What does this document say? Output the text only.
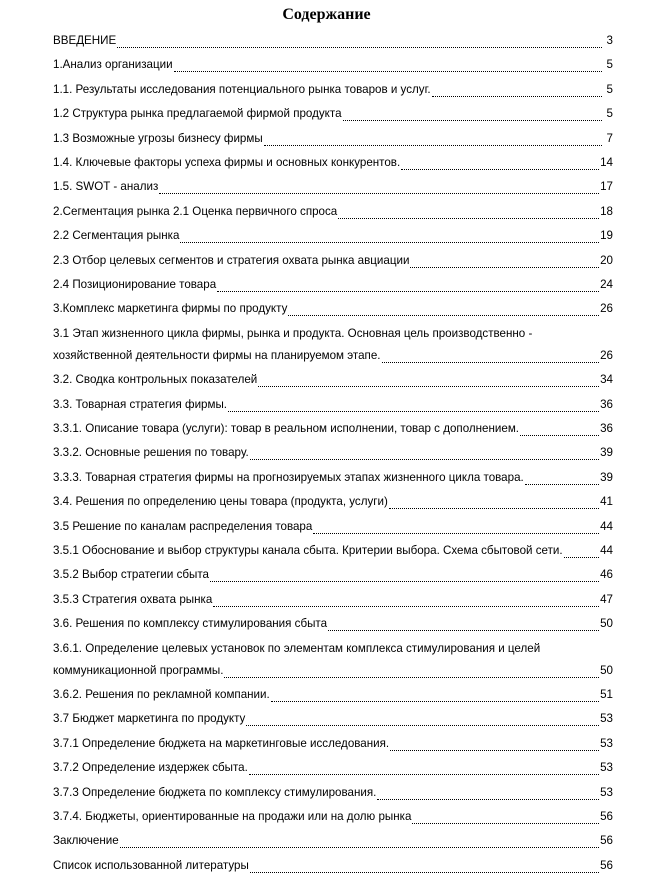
Содержание
ВВЕДЕНИЕ	3
1.Анализ организации	5
1.1. Результаты исследования потенциального рынка товаров и услуг.	5
1.2 Структура рынка предлагаемой фирмой продукта	5
1.3 Возможные угрозы бизнесу фирмы	7
1.4. Ключевые факторы успеха фирмы и основных конкурентов.	14
1.5. SWOT - анализ	17
2.Сегментация рынка 2.1 Оценка первичного спроса	18
2.2 Сегментация рынка	19
2.3 Отбор целевых сегментов и стратегия охвата рынка авциации	20
2.4 Позиционирование товара	24
3.Комплекс маркетинга фирмы по продукту	26
3.1 Этап жизненного цикла фирмы, рынка и продукта. Основная цель производственно -
хозяйственной деятельности фирмы на планируемом этапе.	26
3.2. Сводка контрольных показателей	34
3.3. Товарная стратегия фирмы.	36
3.3.1. Описание товара (услуги): товар в реальном исполнении, товар с дополнением.	36
3.3.2. Основные решения по товару.	39
3.3.3. Товарная стратегия фирмы на прогнозируемых этапах жизненного цикла товара.	39
3.4. Решения по определению цены товара (продукта, услуги)	41
3.5 Решение по каналам распределения товара	44
3.5.1 Обоснование и выбор структуры канала сбыта. Критерии выбора. Схема сбытовой сети.	44
3.5.2 Выбор стратегии сбыта	46
3.5.3 Стратегия охвата рынка	47
3.6. Решения по комплексу стимулирования сбыта	50
3.6.1. Определение целевых установок по элементам комплекса стимулирования и целей
коммуникационной программы.	50
3.6.2. Решения по рекламной компании.	51
3.7 Бюджет маркетинга по продукту	53
3.7.1 Определение бюджета на маркетинговые исследования.	53
3.7.2 Определение издержек сбыта.	53
3.7.3 Определение бюджета по комплексу стимулирования.	53
3.7.4. Бюджеты, ориентированные на продажи или на долю рынка	56
Заключение	56
Список использованной литературы	56
